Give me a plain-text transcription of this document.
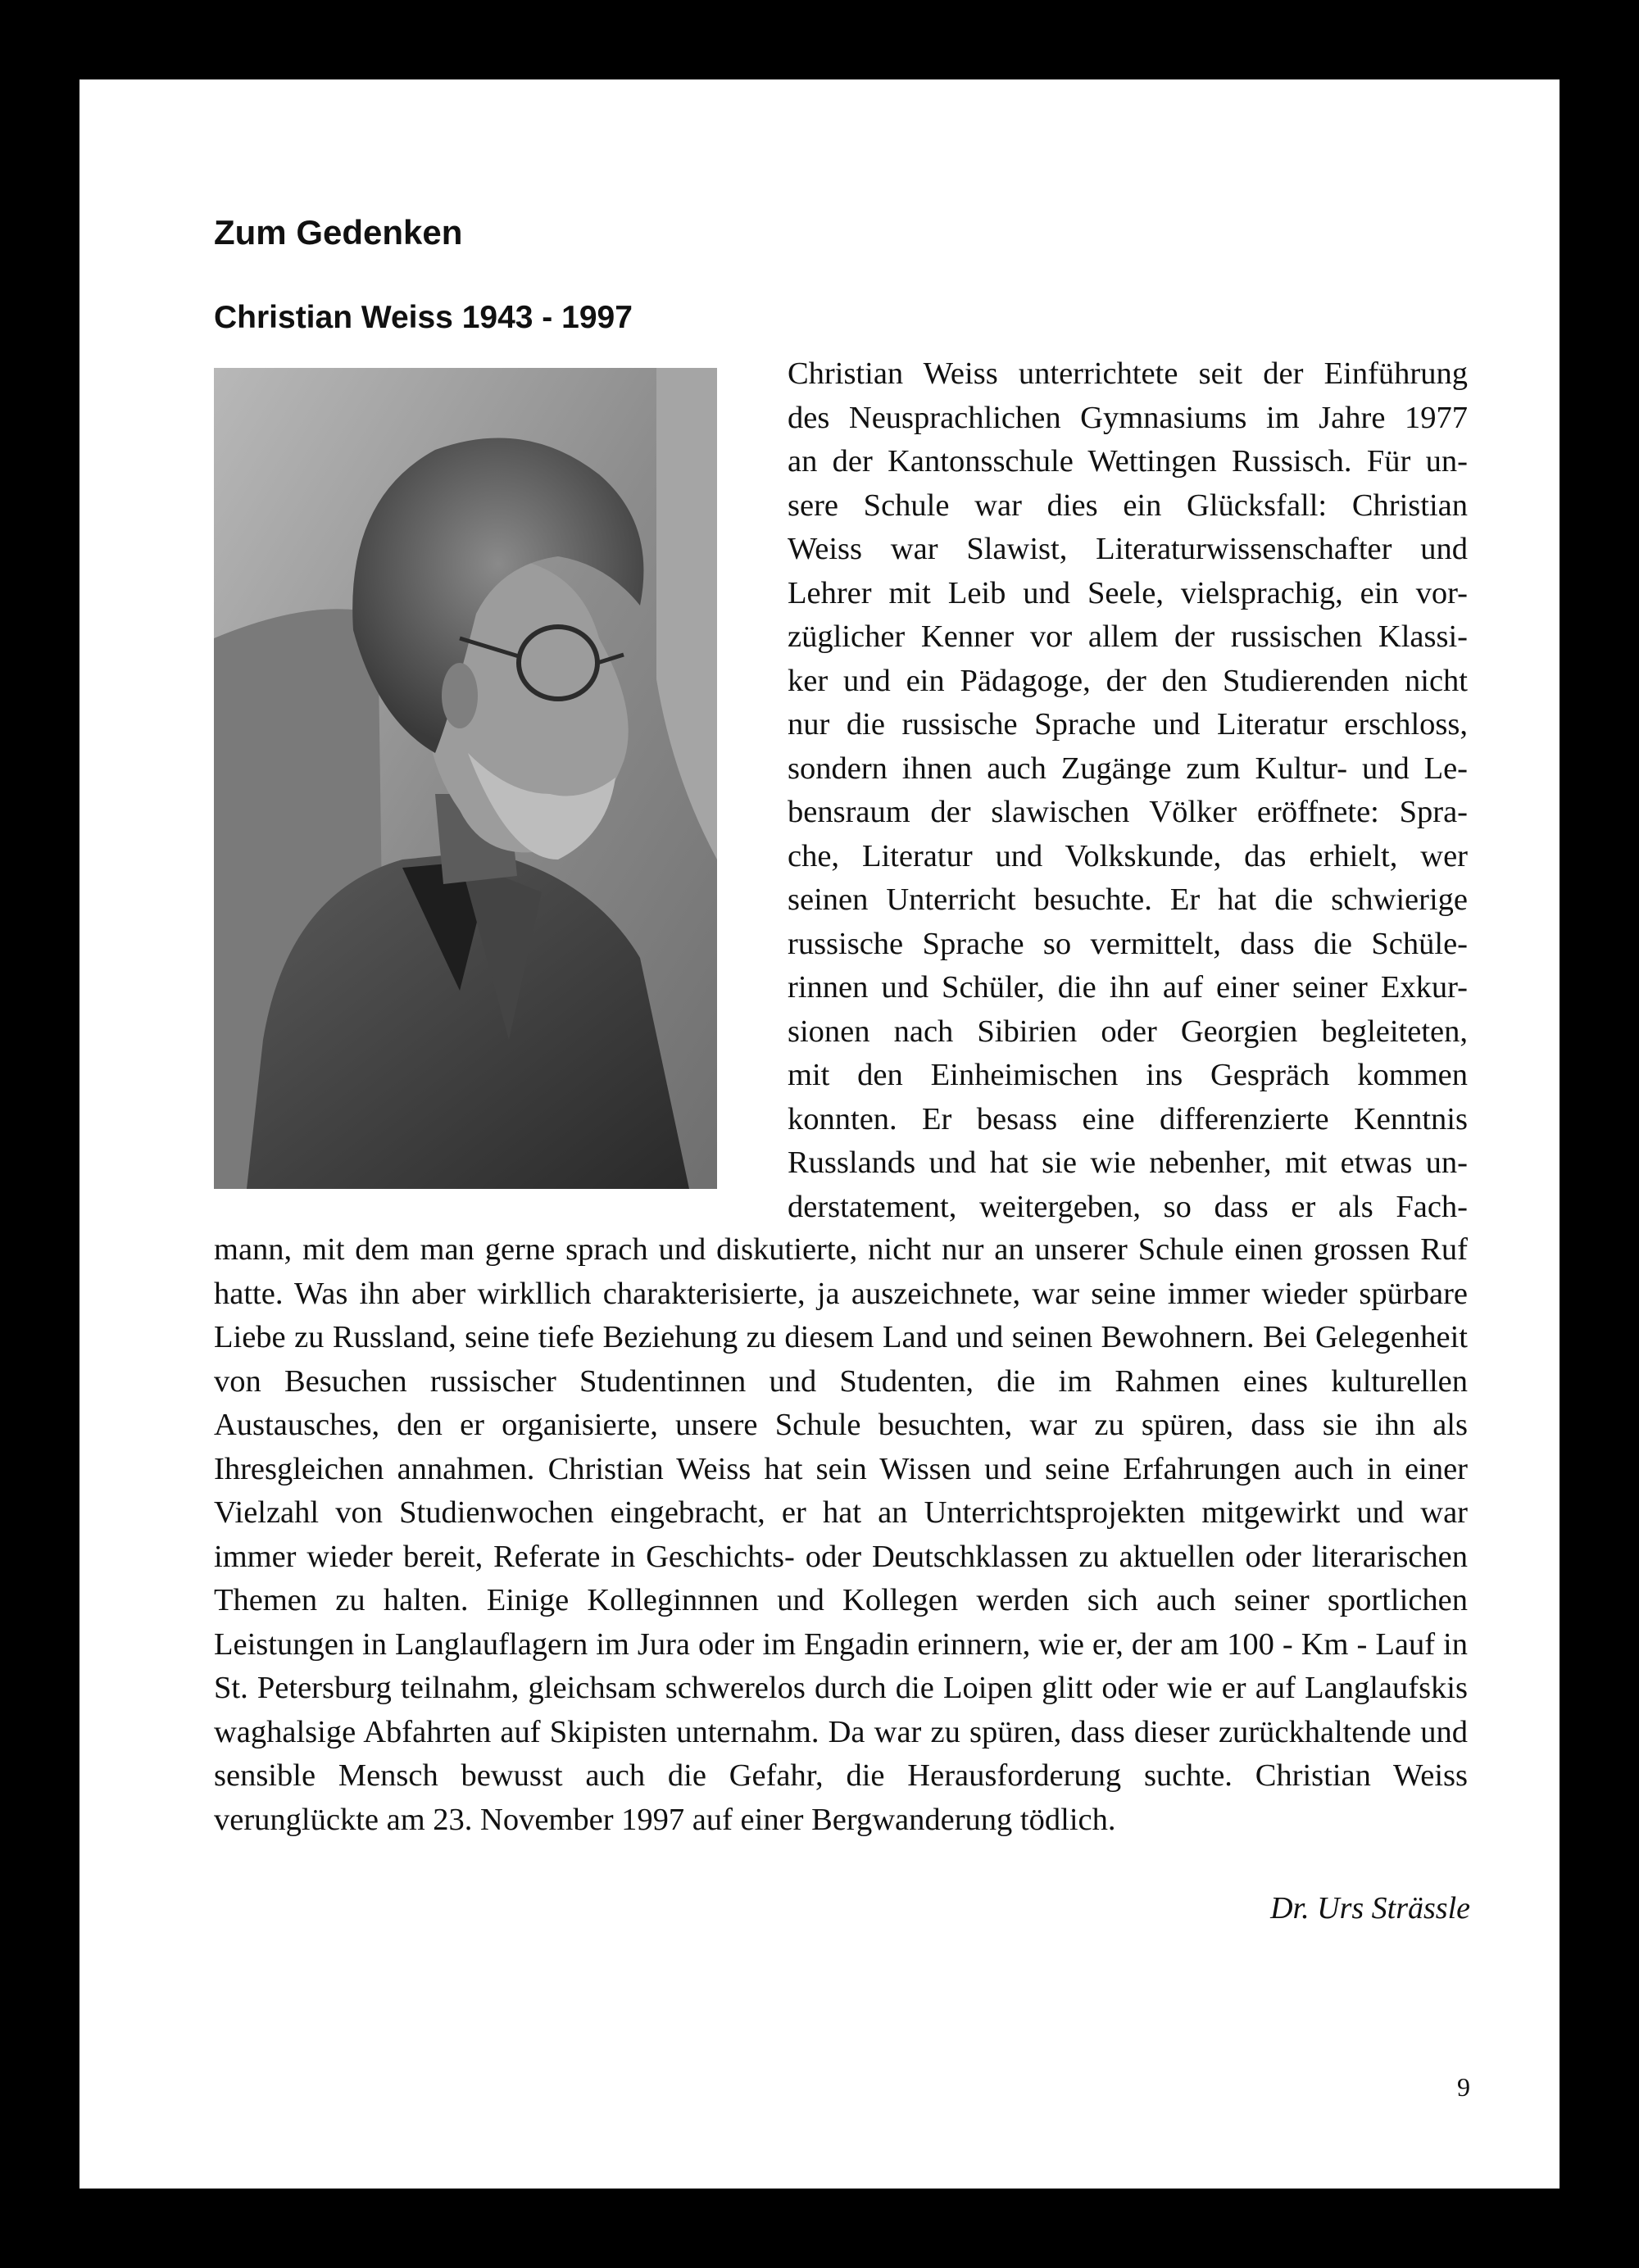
Zum Gedenken
Christian Weiss 1943 - 1997
Christian Weiss unterrichtete seit der Einführung
des Neusprachlichen Gymnasiums im Jahre 1977
an der Kantonsschule Wettingen Russisch. Für un-
sere Schule war dies ein Glücksfall: Christian
Weiss war Slawist, Literaturwissenschafter und
Lehrer mit Leib und Seele, vielsprachig, ein vor-
züglicher Kenner vor allem der russischen Klassi-
ker und ein Pädagoge, der den Studierenden nicht
nur die russische Sprache und Literatur erschloss,
sondern ihnen auch Zugänge zum Kultur- und Le-
bensraum der slawischen Völker eröffnete: Spra-
che, Literatur und Volkskunde, das erhielt, wer
seinen Unterricht besuchte. Er hat die schwierige
russische Sprache so vermittelt, dass die Schüle-
rinnen und Schüler, die ihn auf einer seiner Exkur-
sionen nach Sibirien oder Georgien begleiteten,
mit den Einheimischen ins Gespräch kommen
konnten. Er besass eine differenzierte Kenntnis
Russlands und hat sie wie nebenher, mit etwas un-
derstatement, weitergeben, so dass er als Fach-

mann, mit dem man gerne sprach und diskutierte, nicht nur an unserer Schule einen grossen Ruf hatte. Was ihn aber wirkllich charakterisierte, ja auszeichnete, war seine immer wieder spürbare Liebe zu Russland, seine tiefe Beziehung zu diesem Land und seinen Bewohnern. Bei Gelegenheit von Besuchen russischer Studentinnen und Studenten, die im Rahmen eines kulturellen Austausches, den er organisierte, unsere Schule besuchten, war zu spüren, dass sie ihn als Ihresgleichen annahmen. Christian Weiss hat sein Wissen und seine Erfahrungen auch in einer Vielzahl von Studienwochen eingebracht, er hat an Unterrichtsprojekten mitgewirkt und war immer wieder bereit, Referate in Geschichts- oder Deutschklassen zu aktuellen oder literarischen Themen zu halten. Einige Kolleginnnen und Kollegen werden sich auch seiner sportlichen Leistungen in Langlauflagern im Jura oder im Engadin erinnern, wie er, der am 100 - Km - Lauf in St. Petersburg teilnahm, gleichsam schwerelos durch die Loipen glitt oder wie er auf Langlaufskis waghalsige Abfahrten auf Skipisten unternahm. Da war zu spüren, dass dieser zurückhaltende und sensible Mensch bewusst auch die Gefahr, die Herausforderung suchte. Christian Weiss verunglückte am 23. November 1997 auf einer Bergwanderung tödlich.

Dr. Urs Strässle
9
